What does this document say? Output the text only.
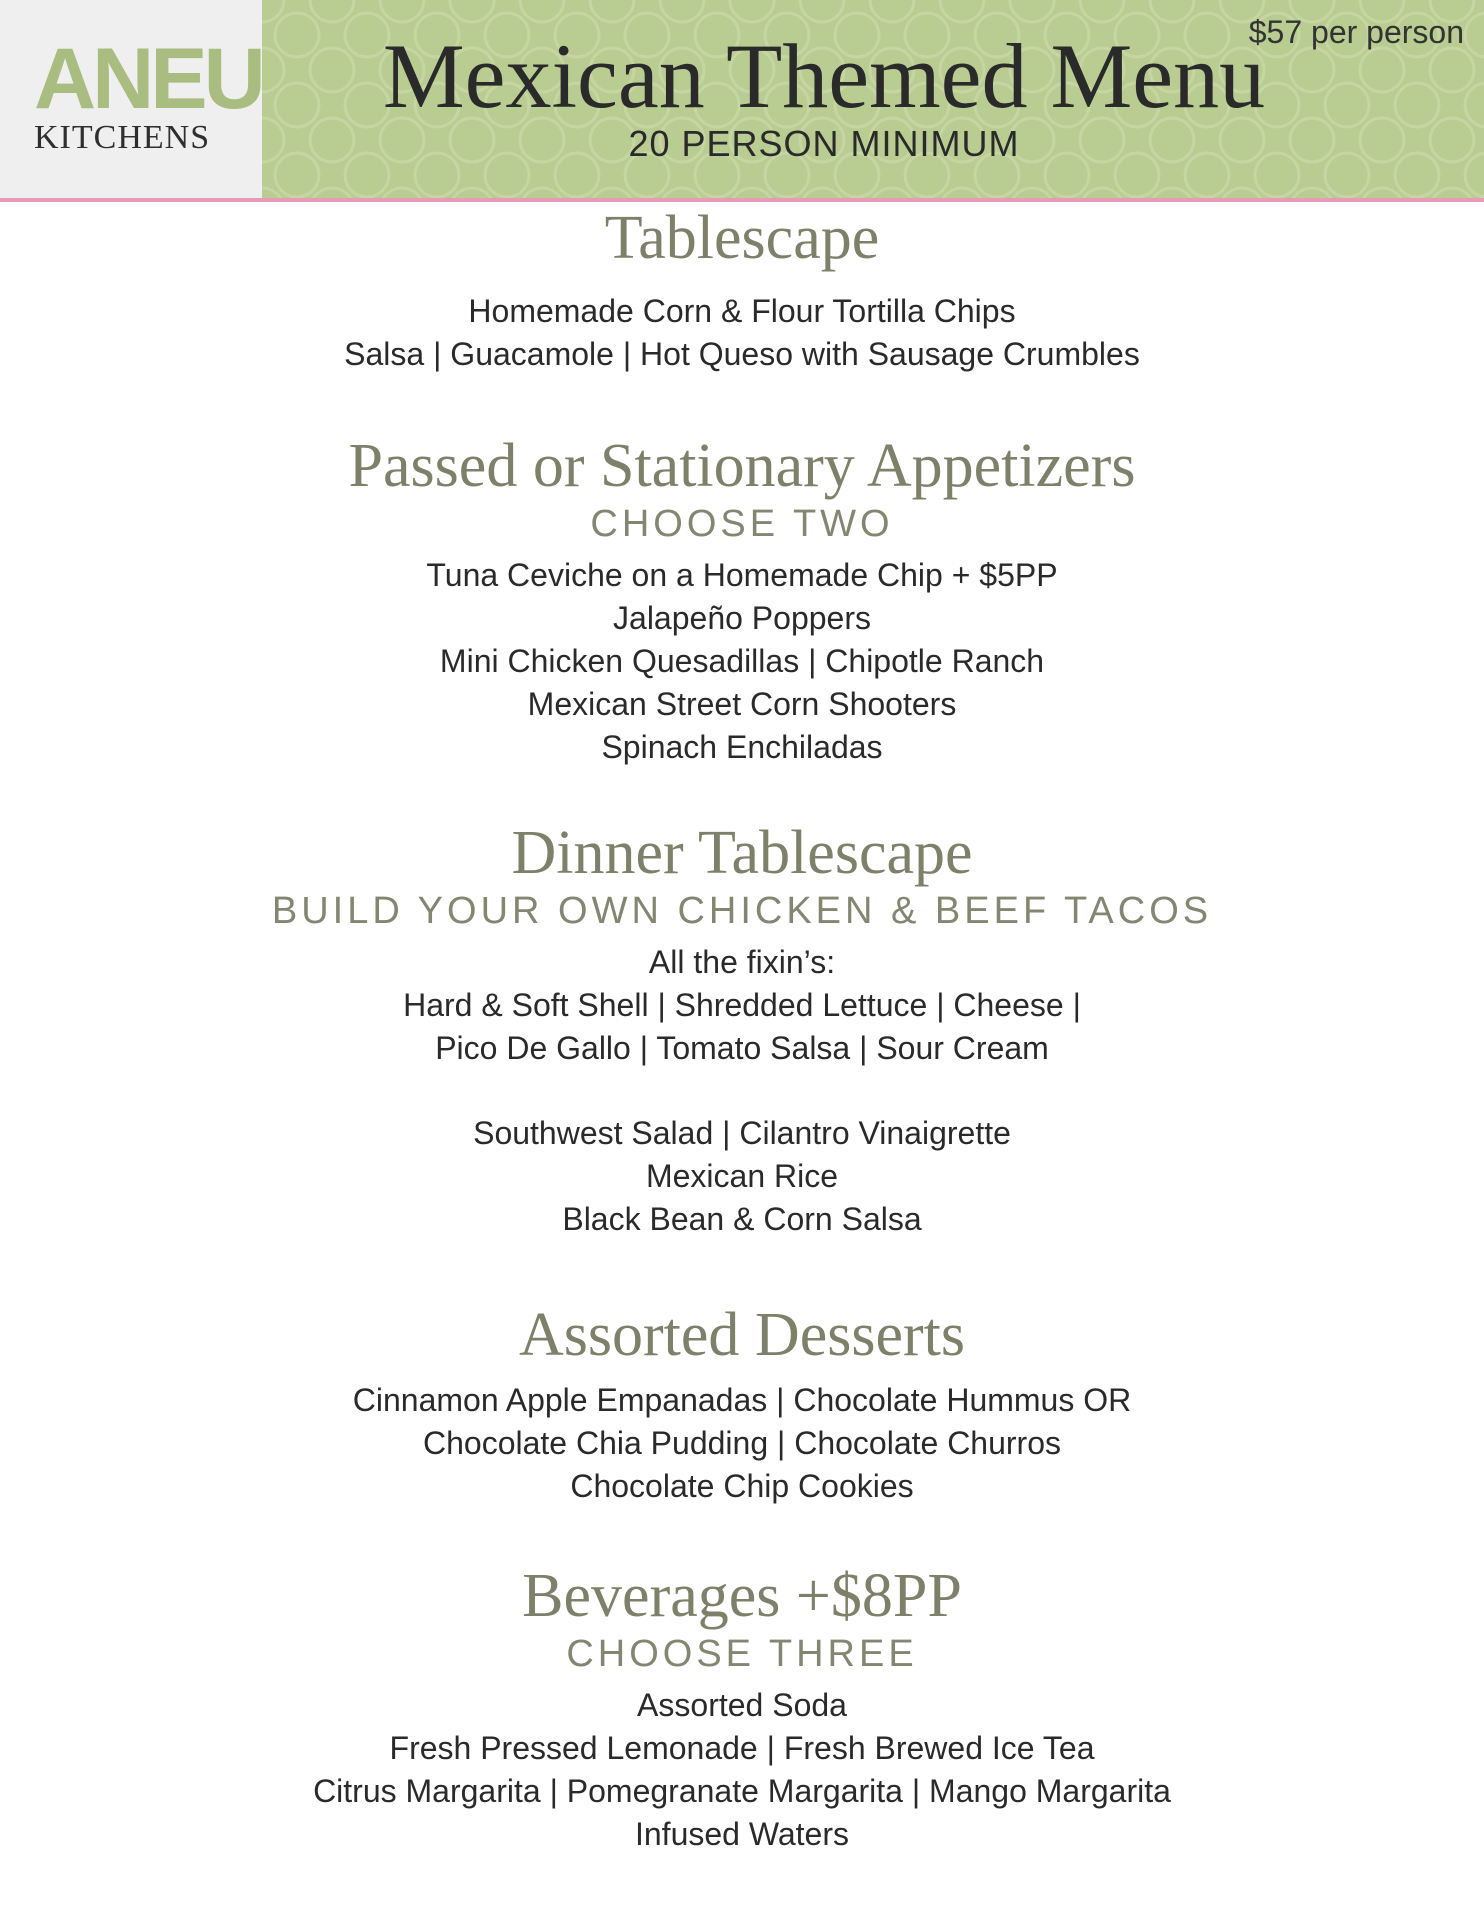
ANEU
KITCHENS
Mexican Themed Menu
20 PERSON MINIMUM
$57 per person
Tablescape
Homemade Corn & Flour Tortilla Chips
Salsa | Guacamole | Hot Queso with Sausage Crumbles
Passed or Stationary Appetizers
CHOOSE TWO
Tuna Ceviche on a Homemade Chip + $5PP
Jalapeño Poppers
Mini Chicken Quesadillas | Chipotle Ranch
Mexican Street Corn Shooters
Spinach Enchiladas
Dinner Tablescape
BUILD YOUR OWN CHICKEN & BEEF TACOS
All the fixin’s:
Hard & Soft Shell | Shredded Lettuce | Cheese |
Pico De Gallo | Tomato Salsa | Sour Cream
Southwest Salad | Cilantro Vinaigrette
Mexican Rice
Black Bean & Corn Salsa
Assorted Desserts
Cinnamon Apple Empanadas | Chocolate Hummus OR
Chocolate Chia Pudding | Chocolate Churros
Chocolate Chip Cookies
Beverages +$8PP
CHOOSE THREE
Assorted Soda
Fresh Pressed Lemonade | Fresh Brewed Ice Tea
Citrus Margarita | Pomegranate Margarita | Mango Margarita
Infused Waters
